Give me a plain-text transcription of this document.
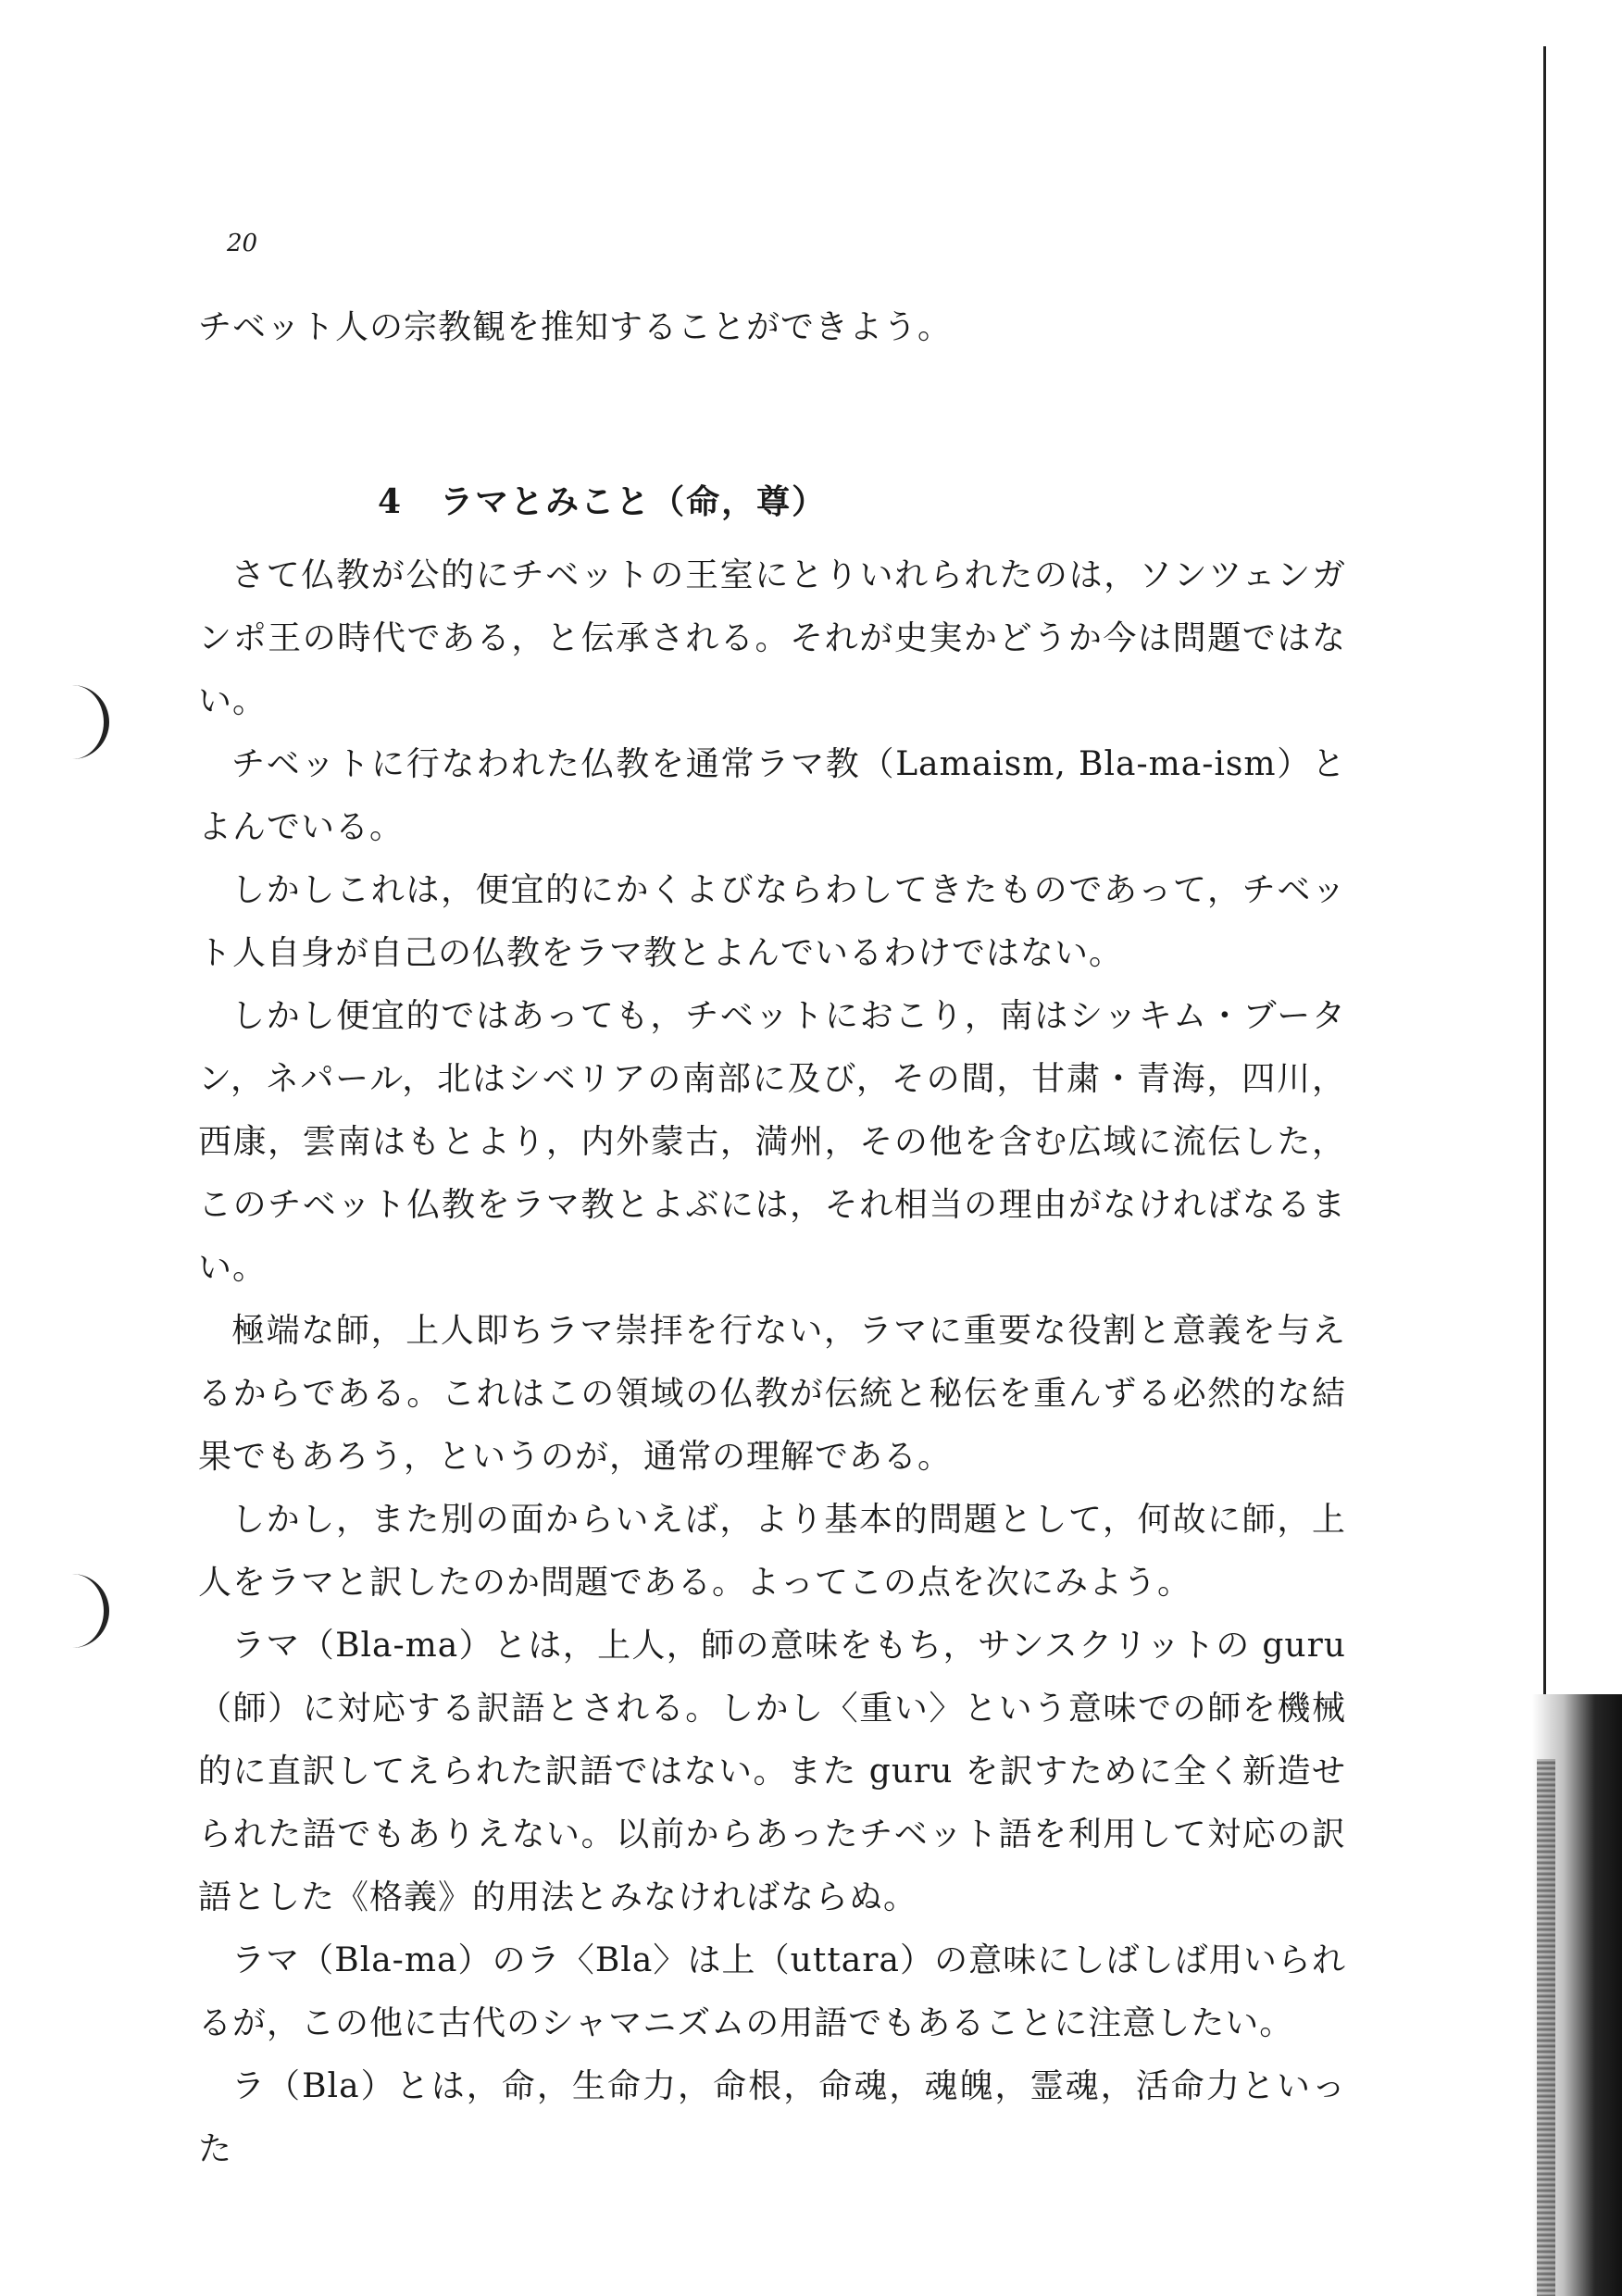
20

チベット人の宗教観を推知することができよう。

4 ラマとみこと（命，尊）

さて仏教が公的にチベットの王室にとりいれられたのは，ソンツェンガンポ王の時代である，と伝承される。それが史実かどうか今は問題ではない。

チベットに行なわれた仏教を通常ラマ教（Lamaism, Bla-ma-ism）とよんでいる。

しかしこれは，便宜的にかくよびならわしてきたものであって，チベット人自身が自己の仏教をラマ教とよんでいるわけではない。

しかし便宜的ではあっても，チベットにおこり，南はシッキム・ブータン，ネパール，北はシベリアの南部に及び，その間，甘粛・青海，四川，西康，雲南はもとより，内外蒙古，満州，その他を含む広域に流伝した，このチベット仏教をラマ教とよぶには，それ相当の理由がなければなるまい。

極端な師，上人即ちラマ崇拝を行ない，ラマに重要な役割と意義を与えるからである。これはこの領域の仏教が伝統と秘伝を重んずる必然的な結果でもあろう，というのが，通常の理解である。

しかし，また別の面からいえば，より基本的問題として，何故に師，上人をラマと訳したのか問題である。よってこの点を次にみよう。

ラマ（Bla-ma）とは，上人，師の意味をもち，サンスクリットの guru（師）に対応する訳語とされる。しかし〈重い〉という意味での師を機械的に直訳してえられた訳語ではない。また guru を訳すために全く新造せられた語でもありえない。以前からあったチベット語を利用して対応の訳語とした《格義》的用法とみなければならぬ。

ラマ（Bla-ma）のラ〈Bla〉は上（uttara）の意味にしばしば用いられるが，この他に古代のシャマニズムの用語でもあることに注意したい。

ラ（Bla）とは，命，生命力，命根，命魂，魂魄，霊魂，活命力といった
